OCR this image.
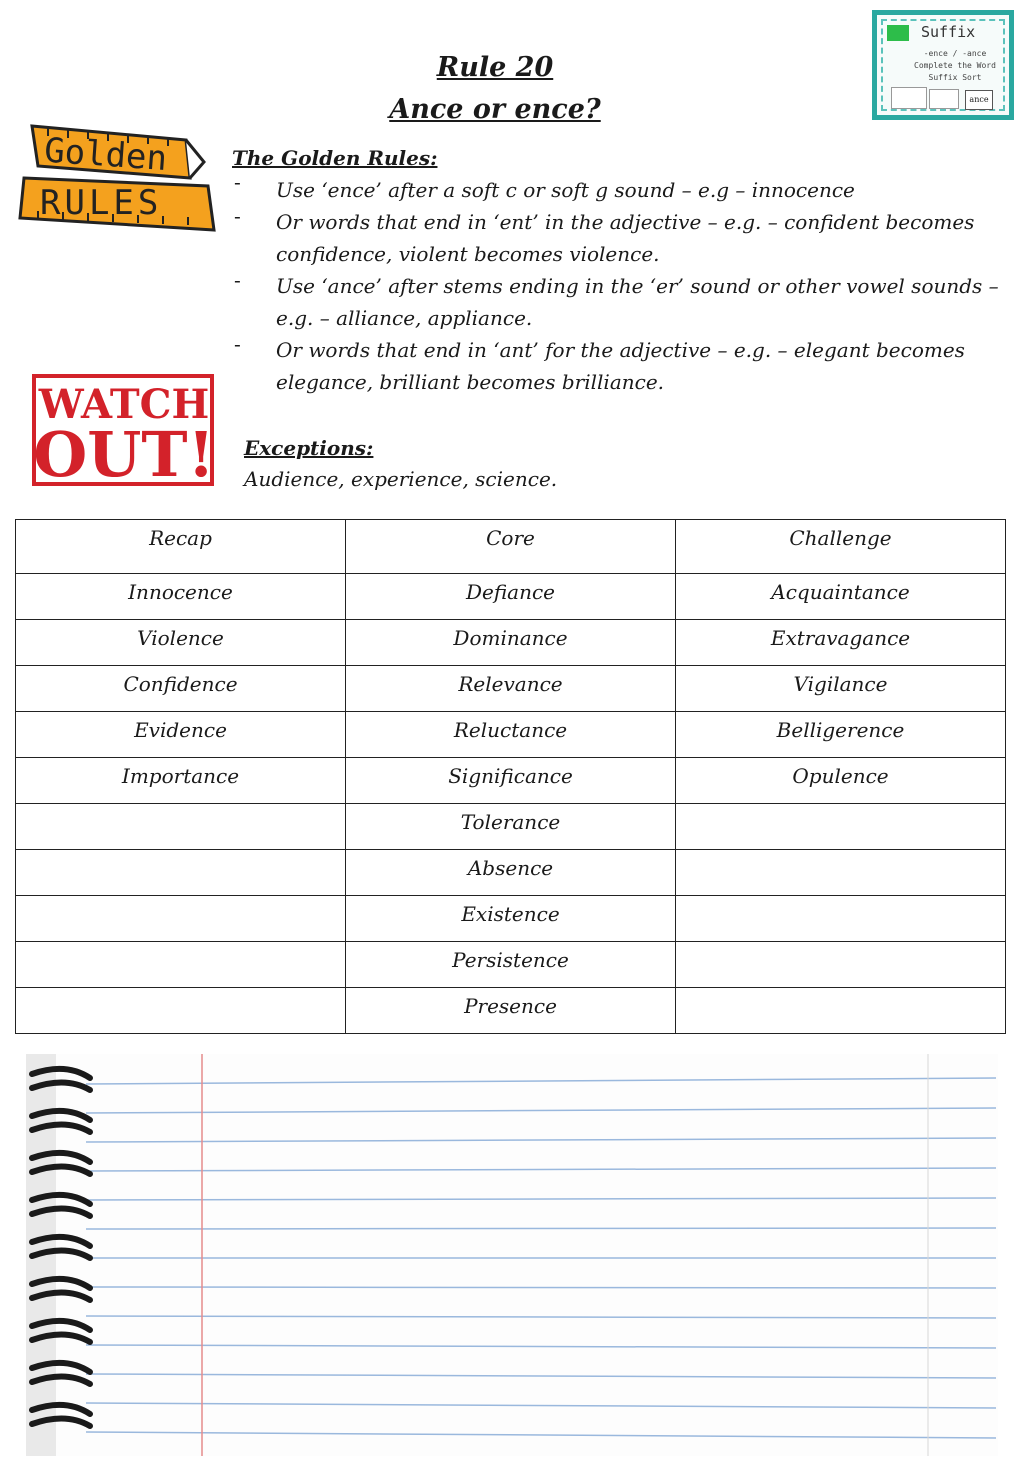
Rule 20
Ance or ence?
Suffix
-ence / -ance
Complete the Word
Suffix Sort
ance
Golden
RULES
The Golden Rules:
- Use ‘ence’ after a soft c or soft g sound – e.g – innocence
- Or words that end in ‘ent’ in the adjective – e.g. – confident becomes confidence, violent becomes violence.
- Use ‘ance’ after stems ending in the ‘er’ sound or other vowel sounds – e.g. – alliance, appliance.
- Or words that end in ‘ant’ for the adjective – e.g. – elegant becomes elegance, brilliant becomes brilliance.
WATCH
OUT! Exceptions:
Audience, experience, science.
Recap	Core	Challenge
Innocence	Defiance	Acquaintance
Violence	Dominance	Extravagance
Confidence	Relevance	Vigilance
Evidence	Reluctance	Belligerence
Importance	Significance	Opulence
	Tolerance	
	Absence	
	Existence	
	Persistence	
	Presence	
